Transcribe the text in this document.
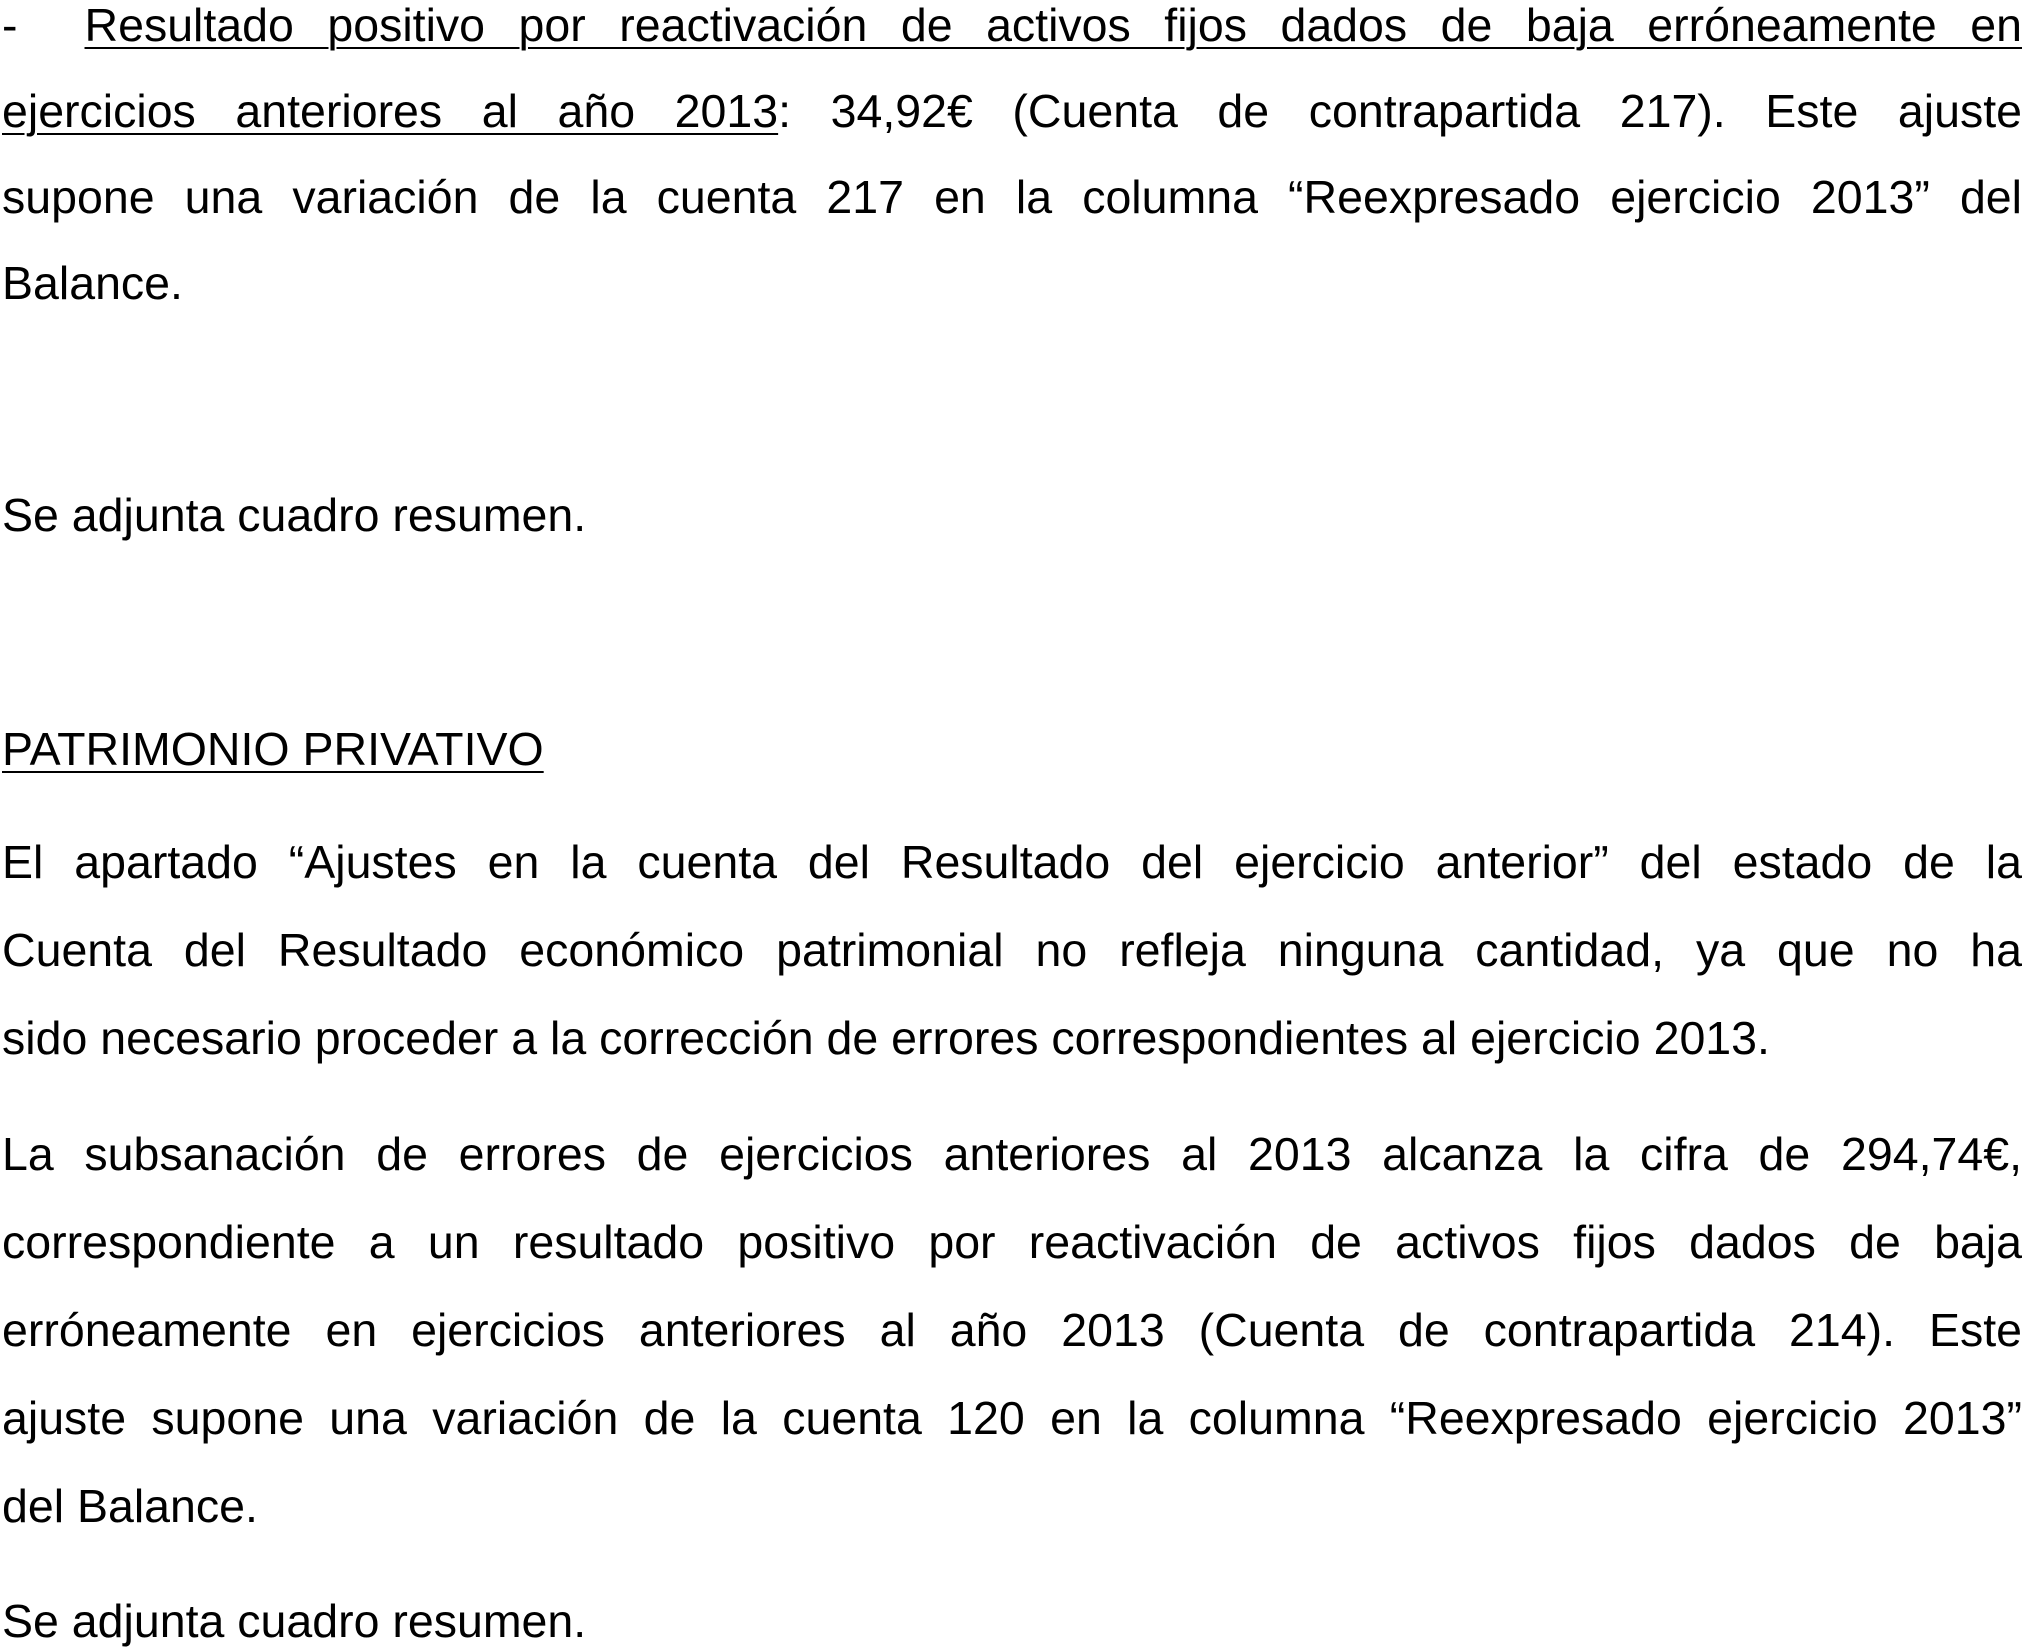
- Resultado positivo por reactivación de activos fijos dados de baja erróneamente en
ejercicios anteriores al año 2013: 34,92€ (Cuenta de contrapartida 217). Este ajuste
supone una variación de la cuenta 217 en la columna “Reexpresado ejercicio 2013” del
Balance.
Se adjunta cuadro resumen.
PATRIMONIO PRIVATIVO
El apartado “Ajustes en la cuenta del Resultado del ejercicio anterior” del estado de la
Cuenta del Resultado económico patrimonial no refleja ninguna cantidad, ya que no ha
sido necesario proceder a la corrección de errores correspondientes al ejercicio 2013.
La subsanación de errores de ejercicios anteriores al 2013 alcanza la cifra de 294,74€,
correspondiente a un resultado positivo por reactivación de activos fijos dados de baja
erróneamente en ejercicios anteriores al año 2013 (Cuenta de contrapartida 214). Este
ajuste supone una variación de la cuenta 120 en la columna “Reexpresado ejercicio 2013”
del Balance.
Se adjunta cuadro resumen.
